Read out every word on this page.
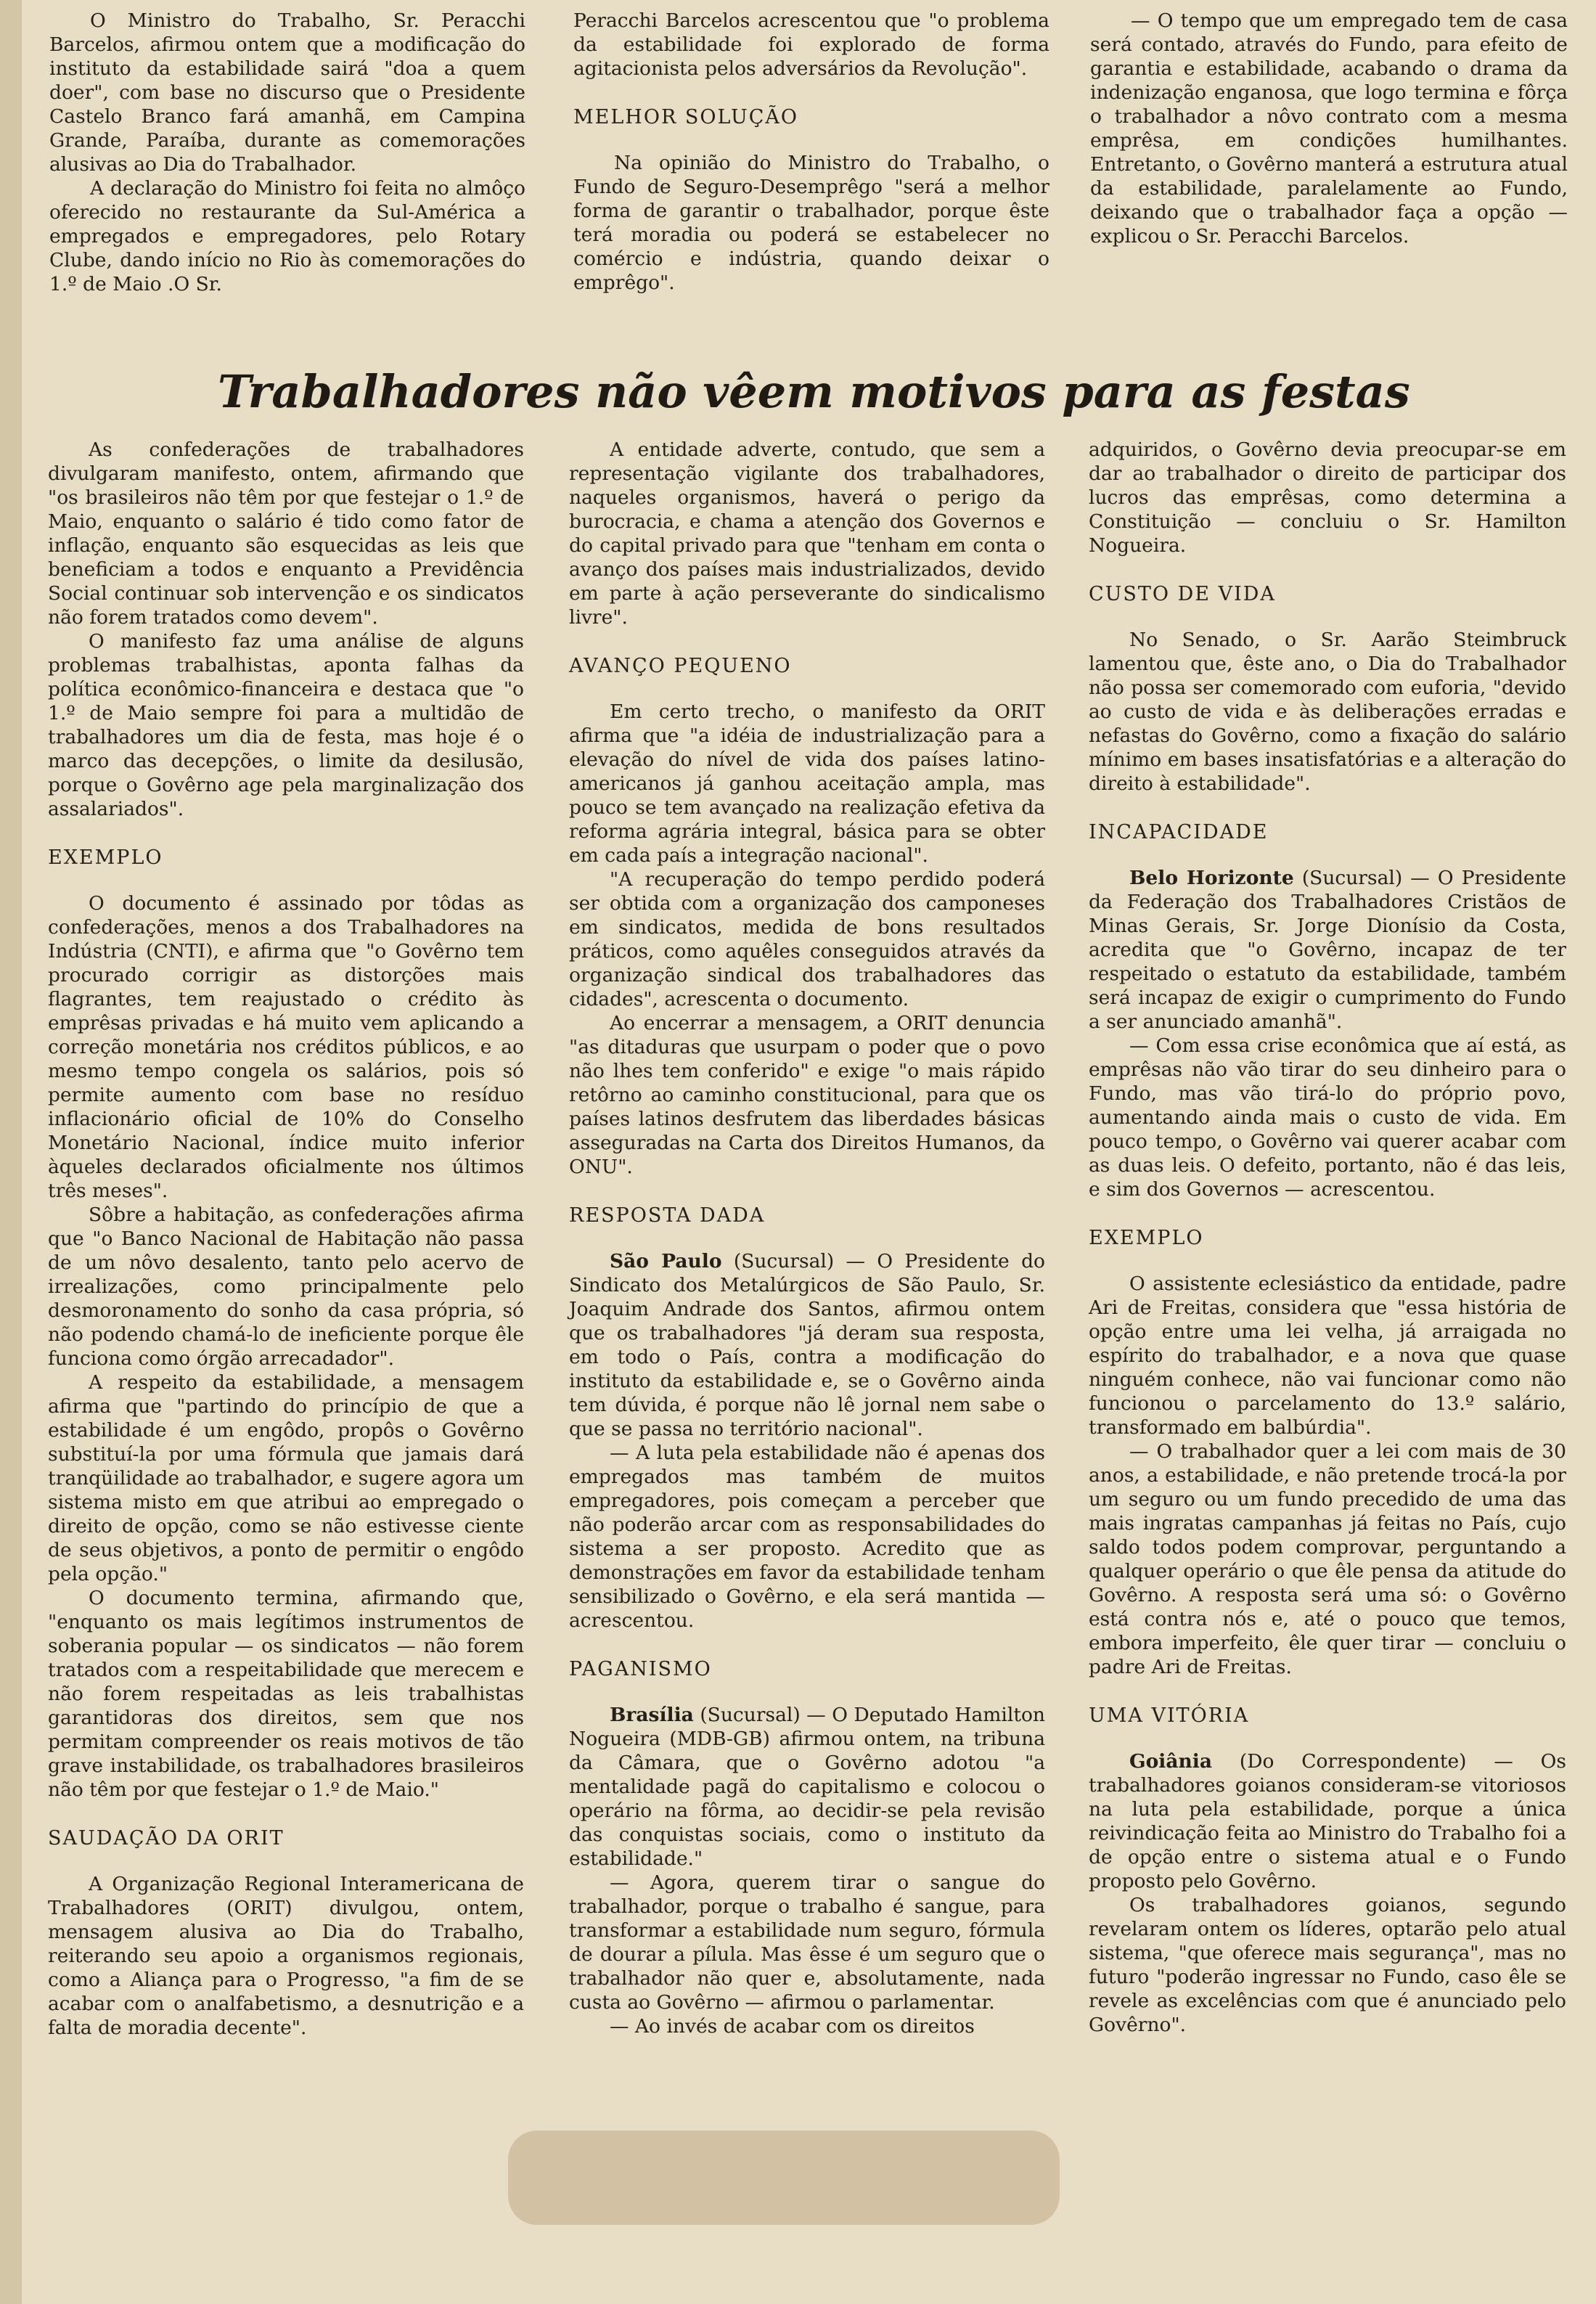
O Ministro do Trabalho, Sr. Peracchi Barcelos, afirmou ontem que a modificação do instituto da estabilidade sairá "doa a quem doer", com base no discurso que o Presidente Castelo Branco fará amanhã, em Campina Grande, Paraíba, durante as comemorações alusivas ao Dia do Trabalhador.

A declaração do Ministro foi feita no almôço oferecido no restaurante da Sul-América a empregados e empregadores, pelo Rotary Clube, dando início no Rio às comemorações do 1.º de Maio .O Sr.

Peracchi Barcelos acrescentou que "o problema da estabilidade foi explorado de forma agitacionista pelos adversários da Revolução".

MELHOR SOLUÇÃO

Na opinião do Ministro do Trabalho, o Fundo de Seguro-Desemprêgo "será a melhor forma de garantir o trabalhador, porque êste terá moradia ou poderá se estabelecer no comércio e indústria, quando deixar o emprêgo".

— O tempo que um empregado tem de casa será contado, através do Fundo, para efeito de garantia e estabilidade, acabando o drama da indenização enganosa, que logo termina e fôrça o trabalhador a nôvo contrato com a mesma emprêsa, em condições humilhantes. Entretanto, o Govêrno manterá a estrutura atual da estabilidade, paralelamente ao Fundo, deixando que o trabalhador faça a opção — explicou o Sr. Peracchi Barcelos.

Trabalhadores não vêem motivos para as festas

As confederações de trabalhadores divulgaram manifesto, ontem, afirmando que "os brasileiros não têm por que festejar o 1.º de Maio, enquanto o salário é tido como fator de inflação, enquanto são esquecidas as leis que beneficiam a todos e enquanto a Previdência Social continuar sob intervenção e os sindicatos não forem tratados como devem".

O manifesto faz uma análise de alguns problemas trabalhistas, aponta falhas da política econômico-financeira e destaca que "o 1.º de Maio sempre foi para a multidão de trabalhadores um dia de festa, mas hoje é o marco das decepções, o limite da desilusão, porque o Govêrno age pela marginalização dos assalariados".

EXEMPLO

O documento é assinado por tôdas as confederações, menos a dos Trabalhadores na Indústria (CNTI), e afirma que "o Govêrno tem procurado corrigir as distorções mais flagrantes, tem reajustado o crédito às emprêsas privadas e há muito vem aplicando a correção monetária nos créditos públicos, e ao mesmo tempo congela os salários, pois só permite aumento com base no resíduo inflacionário oficial de 10% do Conselho Monetário Nacional, índice muito inferior àqueles declarados oficialmente nos últimos três meses".

Sôbre a habitação, as confederações afirma que "o Banco Nacional de Habitação não passa de um nôvo desalento, tanto pelo acervo de irrealizações, como principalmente pelo desmoronamento do sonho da casa própria, só não podendo chamá-lo de ineficiente porque êle funciona como órgão arrecadador".

A respeito da estabilidade, a mensagem afirma que "partindo do princípio de que a estabilidade é um engôdo, propôs o Govêrno substituí-la por uma fórmula que jamais dará tranqüilidade ao trabalhador, e sugere agora um sistema misto em que atribui ao empregado o direito de opção, como se não estivesse ciente de seus objetivos, a ponto de permitir o engôdo pela opção."

O documento termina, afirmando que, "enquanto os mais legítimos instrumentos de soberania popular — os sindicatos — não forem tratados com a respeitabilidade que merecem e não forem respeitadas as leis trabalhistas garantidoras dos direitos, sem que nos permitam compreender os reais motivos de tão grave instabilidade, os trabalhadores brasileiros não têm por que festejar o 1.º de Maio."

SAUDAÇÃO DA ORIT

A Organização Regional Interamericana de Trabalhadores (ORIT) divulgou, ontem, mensagem alusiva ao Dia do Trabalho, reiterando seu apoio a organismos regionais, como a Aliança para o Progresso, "a fim de se acabar com o analfabetismo, a desnutrição e a falta de moradia decente".

A entidade adverte, contudo, que sem a representação vigilante dos trabalhadores, naqueles organismos, haverá o perigo da burocracia, e chama a atenção dos Governos e do capital privado para que "tenham em conta o avanço dos países mais industrializados, devido em parte à ação perseverante do sindicalismo livre".

AVANÇO PEQUENO

Em certo trecho, o manifesto da ORIT afirma que "a idéia de industrialização para a elevação do nível de vida dos países latino-americanos já ganhou aceitação ampla, mas pouco se tem avançado na realização efetiva da reforma agrária integral, básica para se obter em cada país a integração nacional".

"A recuperação do tempo perdido poderá ser obtida com a organização dos camponeses em sindicatos, medida de bons resultados práticos, como aquêles conseguidos através da organização sindical dos trabalhadores das cidades", acrescenta o documento.

Ao encerrar a mensagem, a ORIT denuncia "as ditaduras que usurpam o poder que o povo não lhes tem conferido" e exige "o mais rápido retôrno ao caminho constitucional, para que os países latinos desfrutem das liberdades básicas asseguradas na Carta dos Direitos Humanos, da ONU".

RESPOSTA DADA

São Paulo (Sucursal) — O Presidente do Sindicato dos Metalúrgicos de São Paulo, Sr. Joaquim Andrade dos Santos, afirmou ontem que os trabalhadores "já deram sua resposta, em todo o País, contra a modificação do instituto da estabilidade e, se o Govêrno ainda tem dúvida, é porque não lê jornal nem sabe o que se passa no território nacional".

— A luta pela estabilidade não é apenas dos empregados mas também de muitos empregadores, pois começam a perceber que não poderão arcar com as responsabilidades do sistema a ser proposto. Acredito que as demonstrações em favor da estabilidade tenham sensibilizado o Govêrno, e ela será mantida — acrescentou.

PAGANISMO

Brasília (Sucursal) — O Deputado Hamilton Nogueira (MDB-GB) afirmou ontem, na tribuna da Câmara, que o Govêrno adotou "a mentalidade pagã do capitalismo e colocou o operário na fôrma, ao decidir-se pela revisão das conquistas sociais, como o instituto da estabilidade."

— Agora, querem tirar o sangue do trabalhador, porque o trabalho é sangue, para transformar a estabilidade num seguro, fórmula de dourar a pílula. Mas êsse é um seguro que o trabalhador não quer e, absolutamente, nada custa ao Govêrno — afirmou o parlamentar.

— Ao invés de acabar com os direitos

adquiridos, o Govêrno devia preocupar-se em dar ao trabalhador o direito de participar dos lucros das emprêsas, como determina a Constituição — concluiu o Sr. Hamilton Nogueira.

CUSTO DE VIDA

No Senado, o Sr. Aarão Steimbruck lamentou que, êste ano, o Dia do Trabalhador não possa ser comemorado com euforia, "devido ao custo de vida e às deliberações erradas e nefastas do Govêrno, como a fixação do salário mínimo em bases insatisfatórias e a alteração do direito à estabilidade".

INCAPACIDADE

Belo Horizonte (Sucursal) — O Presidente da Federação dos Trabalhadores Cristãos de Minas Gerais, Sr. Jorge Dionísio da Costa, acredita que "o Govêrno, incapaz de ter respeitado o estatuto da estabilidade, também será incapaz de exigir o cumprimento do Fundo a ser anunciado amanhã".

— Com essa crise econômica que aí está, as emprêsas não vão tirar do seu dinheiro para o Fundo, mas vão tirá-lo do próprio povo, aumentando ainda mais o custo de vida. Em pouco tempo, o Govêrno vai querer acabar com as duas leis. O defeito, portanto, não é das leis, e sim dos Governos — acrescentou.

EXEMPLO

O assistente eclesiástico da entidade, padre Ari de Freitas, considera que "essa história de opção entre uma lei velha, já arraigada no espírito do trabalhador, e a nova que quase ninguém conhece, não vai funcionar como não funcionou o parcelamento do 13.º salário, transformado em balbúrdia".

— O trabalhador quer a lei com mais de 30 anos, a estabilidade, e não pretende trocá-la por um seguro ou um fundo precedido de uma das mais ingratas campanhas já feitas no País, cujo saldo todos podem comprovar, perguntando a qualquer operário o que êle pensa da atitude do Govêrno. A resposta será uma só: o Govêrno está contra nós e, até o pouco que temos, embora imperfeito, êle quer tirar — concluiu o padre Ari de Freitas.

UMA VITÓRIA

Goiânia (Do Correspondente) — Os trabalhadores goianos consideram-se vitoriosos na luta pela estabilidade, porque a única reivindicação feita ao Ministro do Trabalho foi a de opção entre o sistema atual e o Fundo proposto pelo Govêrno.

Os trabalhadores goianos, segundo revelaram ontem os líderes, optarão pelo atual sistema, "que oferece mais segurança", mas no futuro "poderão ingressar no Fundo, caso êle se revele as excelências com que é anunciado pelo Govêrno".
